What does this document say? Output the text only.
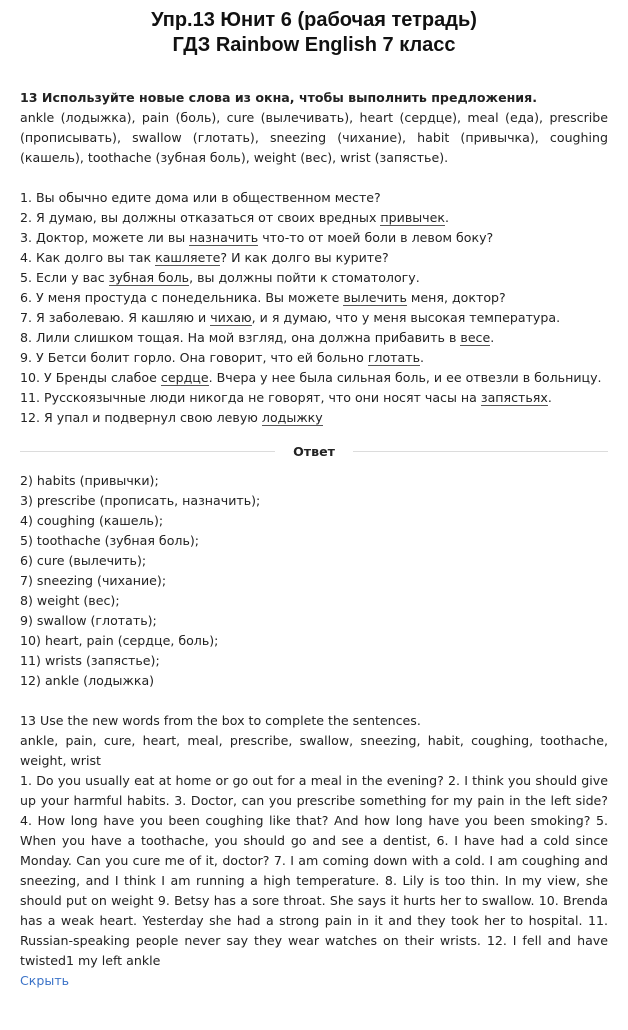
Упр.13 Юнит 6 (рабочая тетрадь)
ГДЗ Rainbow English 7 класс
13 Используйте новые слова из окна, чтобы выполнить предложения.
ankle (лодыжка), pain (боль), cure (вылечивать), heart (сердце), meal (еда), prescribe (прописывать), swallow (глотать), sneezing (чихание), habit (привычка), coughing (кашель), toothache (зубная боль), weight (вес), wrist (запястье).
1. Вы обычно едите дома или в общественном месте?
2. Я думаю, вы должны отказаться от своих вредных привычек.
3. Доктор, можете ли вы назначить что-то от моей боли в левом боку?
4. Как долго вы так кашляете? И как долго вы курите?
5. Если у вас зубная боль, вы должны пойти к стоматологу.
6. У меня простуда с понедельника. Вы можете вылечить меня, доктор?
7. Я заболеваю. Я кашляю и чихаю, и я думаю, что у меня высокая температура.
8. Лили слишком тощая. На мой взгляд, она должна прибавить в весе.
9. У Бетси болит горло. Она говорит, что ей больно глотать.
10. У Бренды слабое сердце. Вчера у нее была сильная боль, и ее отвезли в больницу.
11. Русскоязычные люди никогда не говорят, что они носят часы на запястьях.
12. Я упал и подвернул свою левую лодыжку
Ответ
2) habits (привычки);
3) prescribe (прописать, назначить);
4) coughing (кашель);
5) toothache (зубная боль);
6) cure (вылечить);
7) sneezing (чихание);
8) weight (вес);
9) swallow (глотать);
10) heart, pain (сердце, боль);
11) wrists (запястье);
12) ankle (лодыжка)
13 Use the new words from the box to complete the sentences.
ankle, pain, cure, heart, meal, prescribe, swallow, sneezing, habit, coughing, toothache, weight, wrist
1. Do you usually eat at home or go out for a meal in the evening? 2. I think you should give up your harmful habits. 3. Doctor, can you prescribe something for my pain in the left side? 4. How long have you been coughing like that? And how long have you been smoking? 5. When you have a toothache, you should go and see a dentist, 6. I have had a cold since Monday. Can you cure me of it, doctor? 7. I am coming down with a cold. I am coughing and sneezing, and I think I am running a high temperature. 8. Lily is too thin. In my view, she should put on weight 9. Betsy has a sore throat. She says it hurts her to swallow. 10. Brenda has a weak heart. Yesterday she had a strong pain in it and they took her to hospital. 11. Russian-speaking people never say they wear watches on their wrists. 12. I fell and have twisted1 my left ankle
Скрыть
